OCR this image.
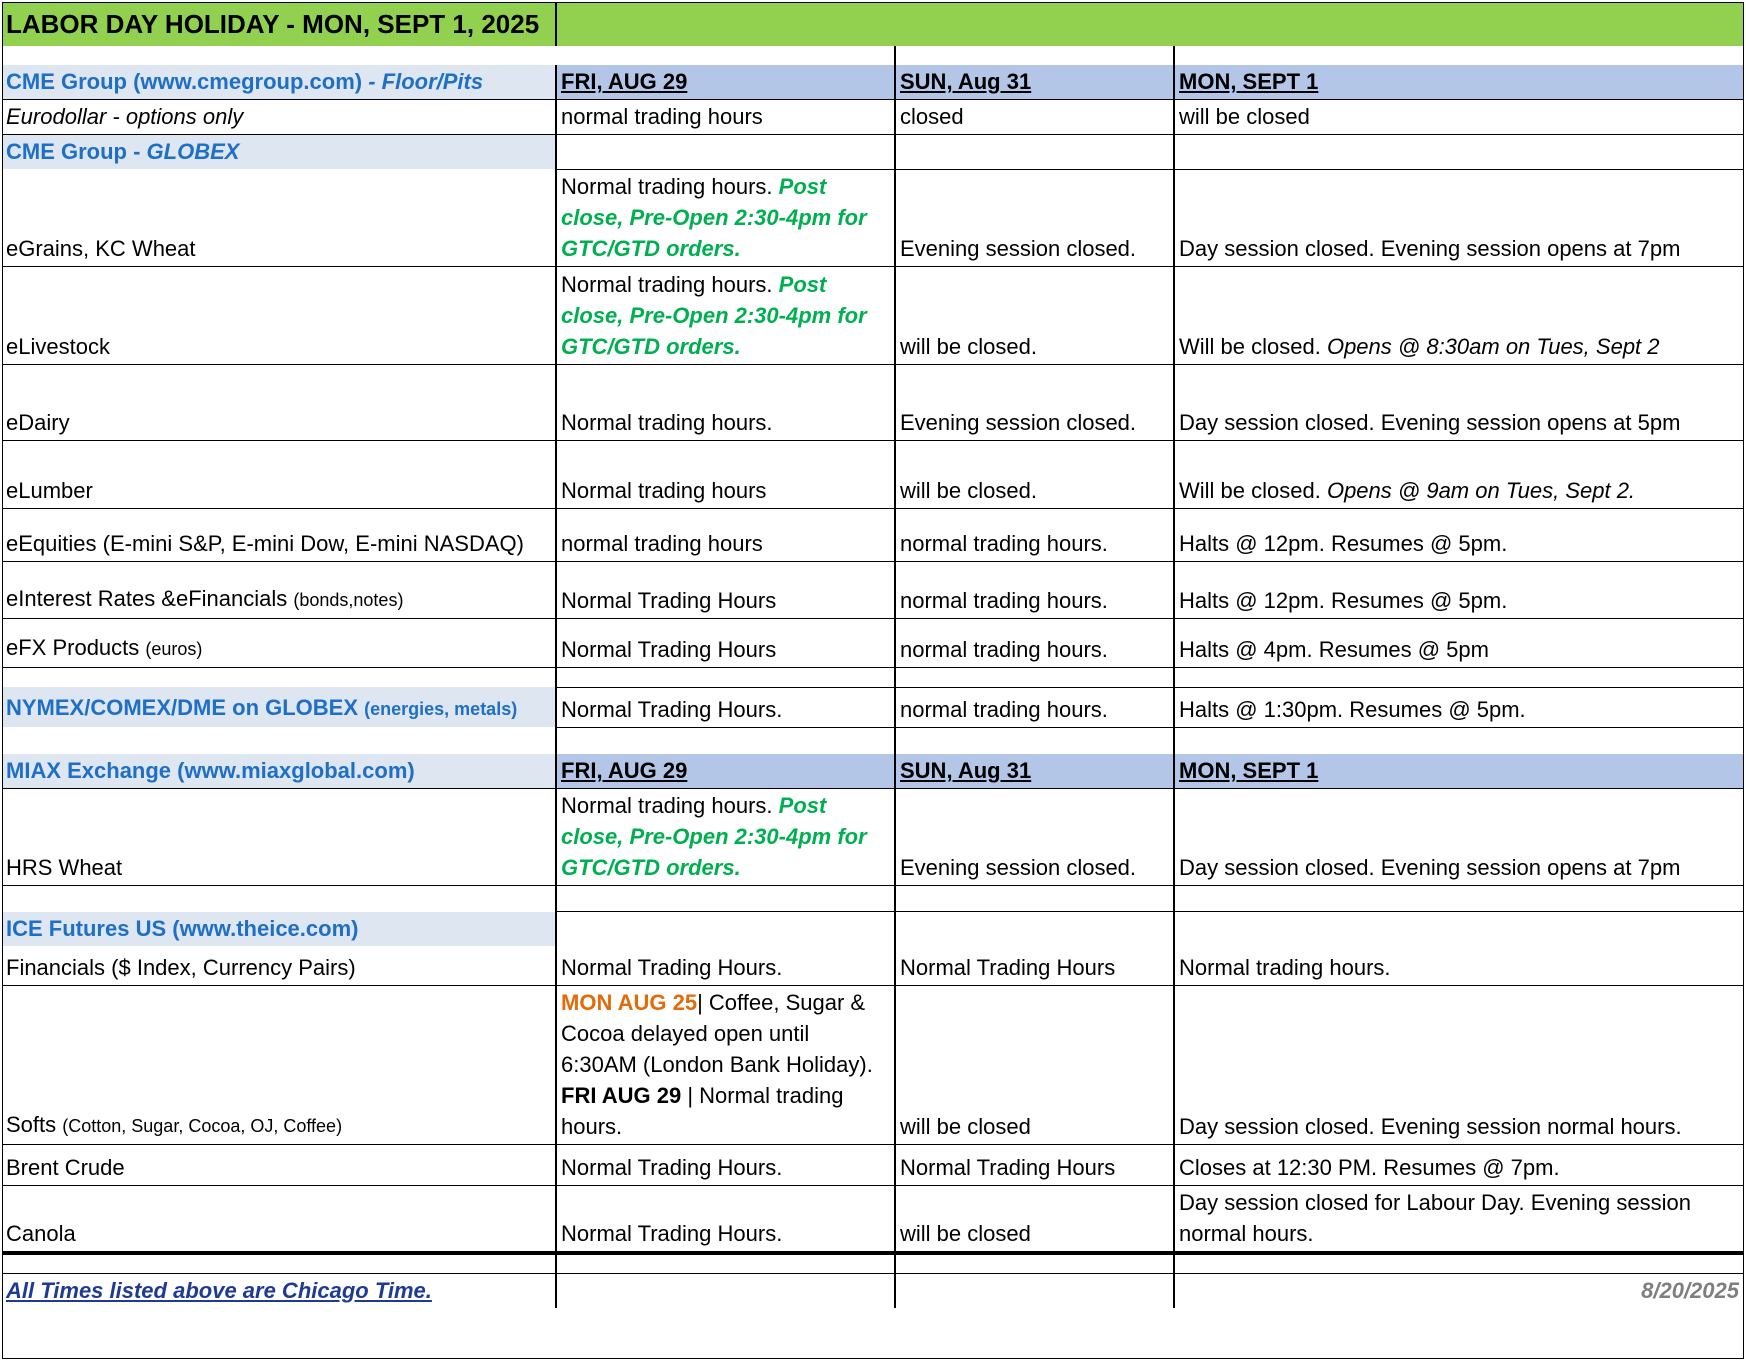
LABOR DAY HOLIDAY - MON, SEPT 1, 2025			

CME Group (www.cmegroup.com) - Floor/Pits	FRI, AUG 29	SUN, Aug 31	MON, SEPT 1
Eurodollar - options only	normal trading hours	closed	will be closed
CME Group - GLOBEX			
eGrains, KC Wheat	Normal trading hours. Post close, Pre-Open 2:30-4pm for GTC/GTD orders.	Evening session closed.	Day session closed. Evening session opens at 7pm
eLivestock	Normal trading hours. Post close, Pre-Open 2:30-4pm for GTC/GTD orders.	will be closed.	Will be closed. Opens @ 8:30am on Tues, Sept 2
eDairy	Normal trading hours.	Evening session closed.	Day session closed. Evening session opens at 5pm
eLumber	Normal trading hours	will be closed.	Will be closed. Opens @ 9am on Tues, Sept 2.
eEquities (E-mini S&P, E-mini Dow, E-mini NASDAQ)	normal trading hours	normal trading hours.	Halts @ 12pm. Resumes @ 5pm.
eInterest Rates &eFinancials (bonds,notes)	Normal Trading Hours	normal trading hours.	Halts @ 12pm. Resumes @ 5pm.
eFX Products (euros)	Normal Trading Hours	normal trading hours.	Halts @ 4pm. Resumes @ 5pm

NYMEX/COMEX/DME on GLOBEX (energies, metals)	Normal Trading Hours.	normal trading hours.	Halts @ 1:30pm. Resumes @ 5pm.

MIAX Exchange (www.miaxglobal.com)	FRI, AUG 29	SUN, Aug 31	MON, SEPT 1
HRS Wheat	Normal trading hours. Post close, Pre-Open 2:30-4pm for GTC/GTD orders.	Evening session closed.	Day session closed. Evening session opens at 7pm

ICE Futures US (www.theice.com)			
Financials ($ Index, Currency Pairs)	Normal Trading Hours.	Normal Trading Hours	Normal trading hours.
Softs (Cotton, Sugar, Cocoa, OJ, Coffee)	MON AUG 25| Coffee, Sugar & Cocoa delayed open until 6:30AM (London Bank Holiday). FRI AUG 29 | Normal trading hours.	will be closed	Day session closed. Evening session normal hours.
Brent Crude	Normal Trading Hours.	Normal Trading Hours	Closes at 12:30 PM. Resumes @ 7pm.
Canola	Normal Trading Hours.	will be closed	Day session closed for Labour Day. Evening session normal hours.

All Times listed above are Chicago Time.			8/20/2025
